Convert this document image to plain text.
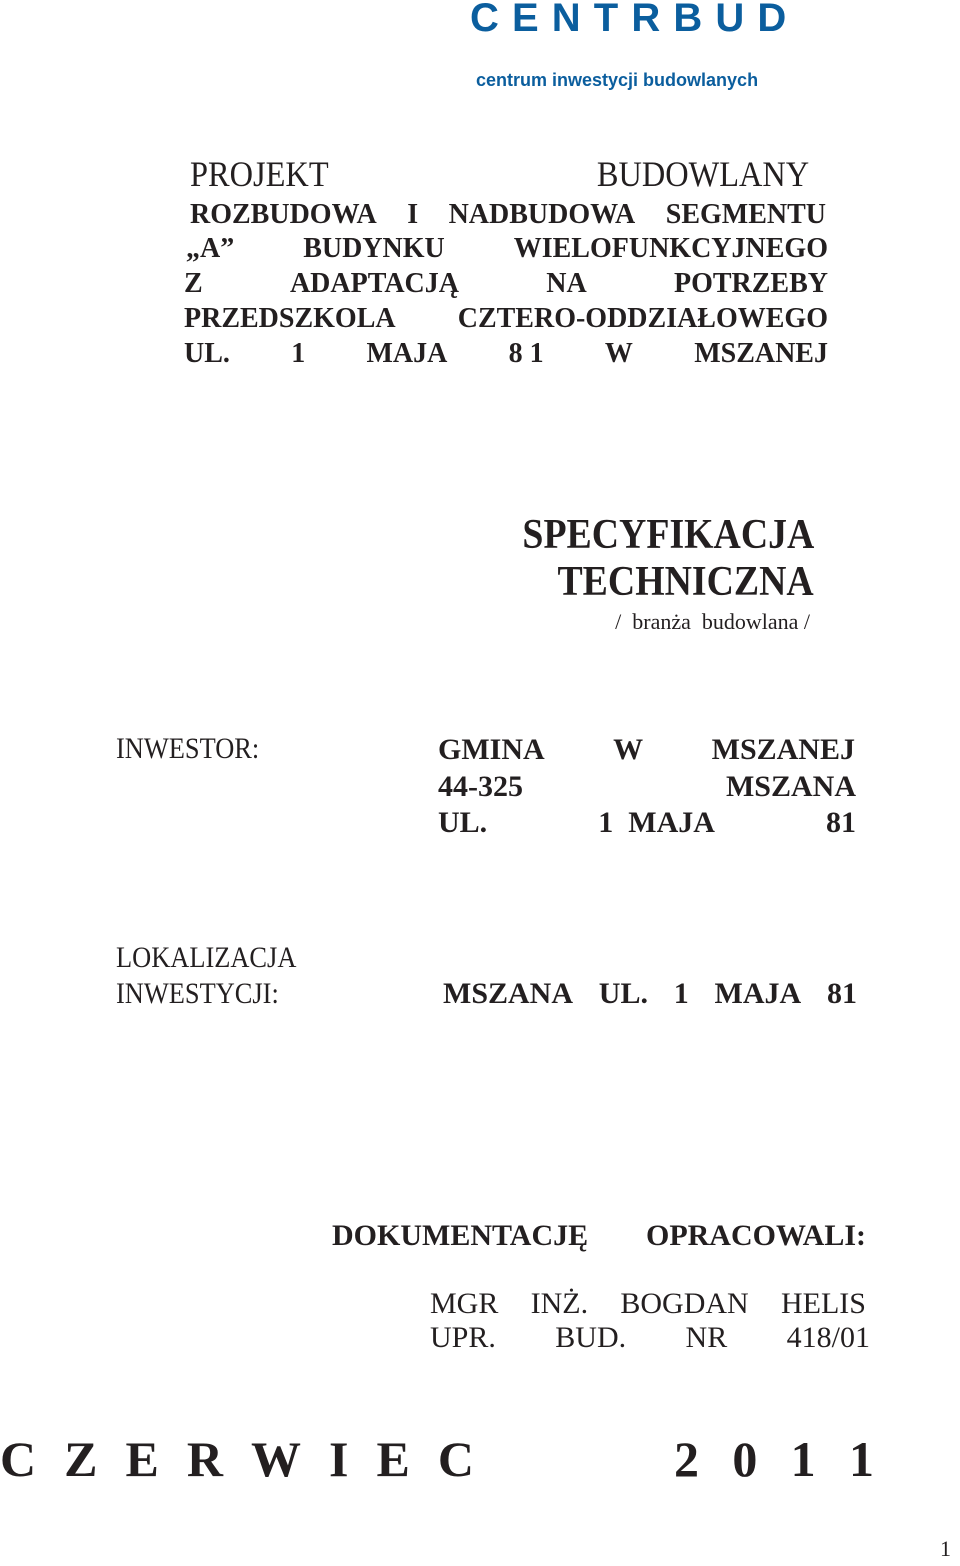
C E N T R B U D
centrum inwestycji budowlanych
PROJEKT	BUDOWLANY
ROZBUDOWA I NADBUDOWA SEGMENTU
„A” BUDYNKU WIELOFUNKCYJNEGO
Z	ADAPTACJĄ	NA	POTRZEBY
PRZEDSZKOLA CZTERO-ODDZIAŁOWEGO
UL. 1 MAJA 8 1 W MSZANEJ
SPECYFIKACJA
TECHNICZNA
/  branża  budowlana /
INWESTOR:	GMINA W MSZANEJ
44-325	MSZANA
UL.	1  MAJA	81
LOKALIZACJA
INWESTYCJI:	MSZANA UL. 1 MAJA 81
DOKUMENTACJĘ OPRACOWALI:
MGR INŻ. BOGDAN HELIS
UPR. BUD. NR 418/01
C Z E R W I E C	2 0 1 1
1
